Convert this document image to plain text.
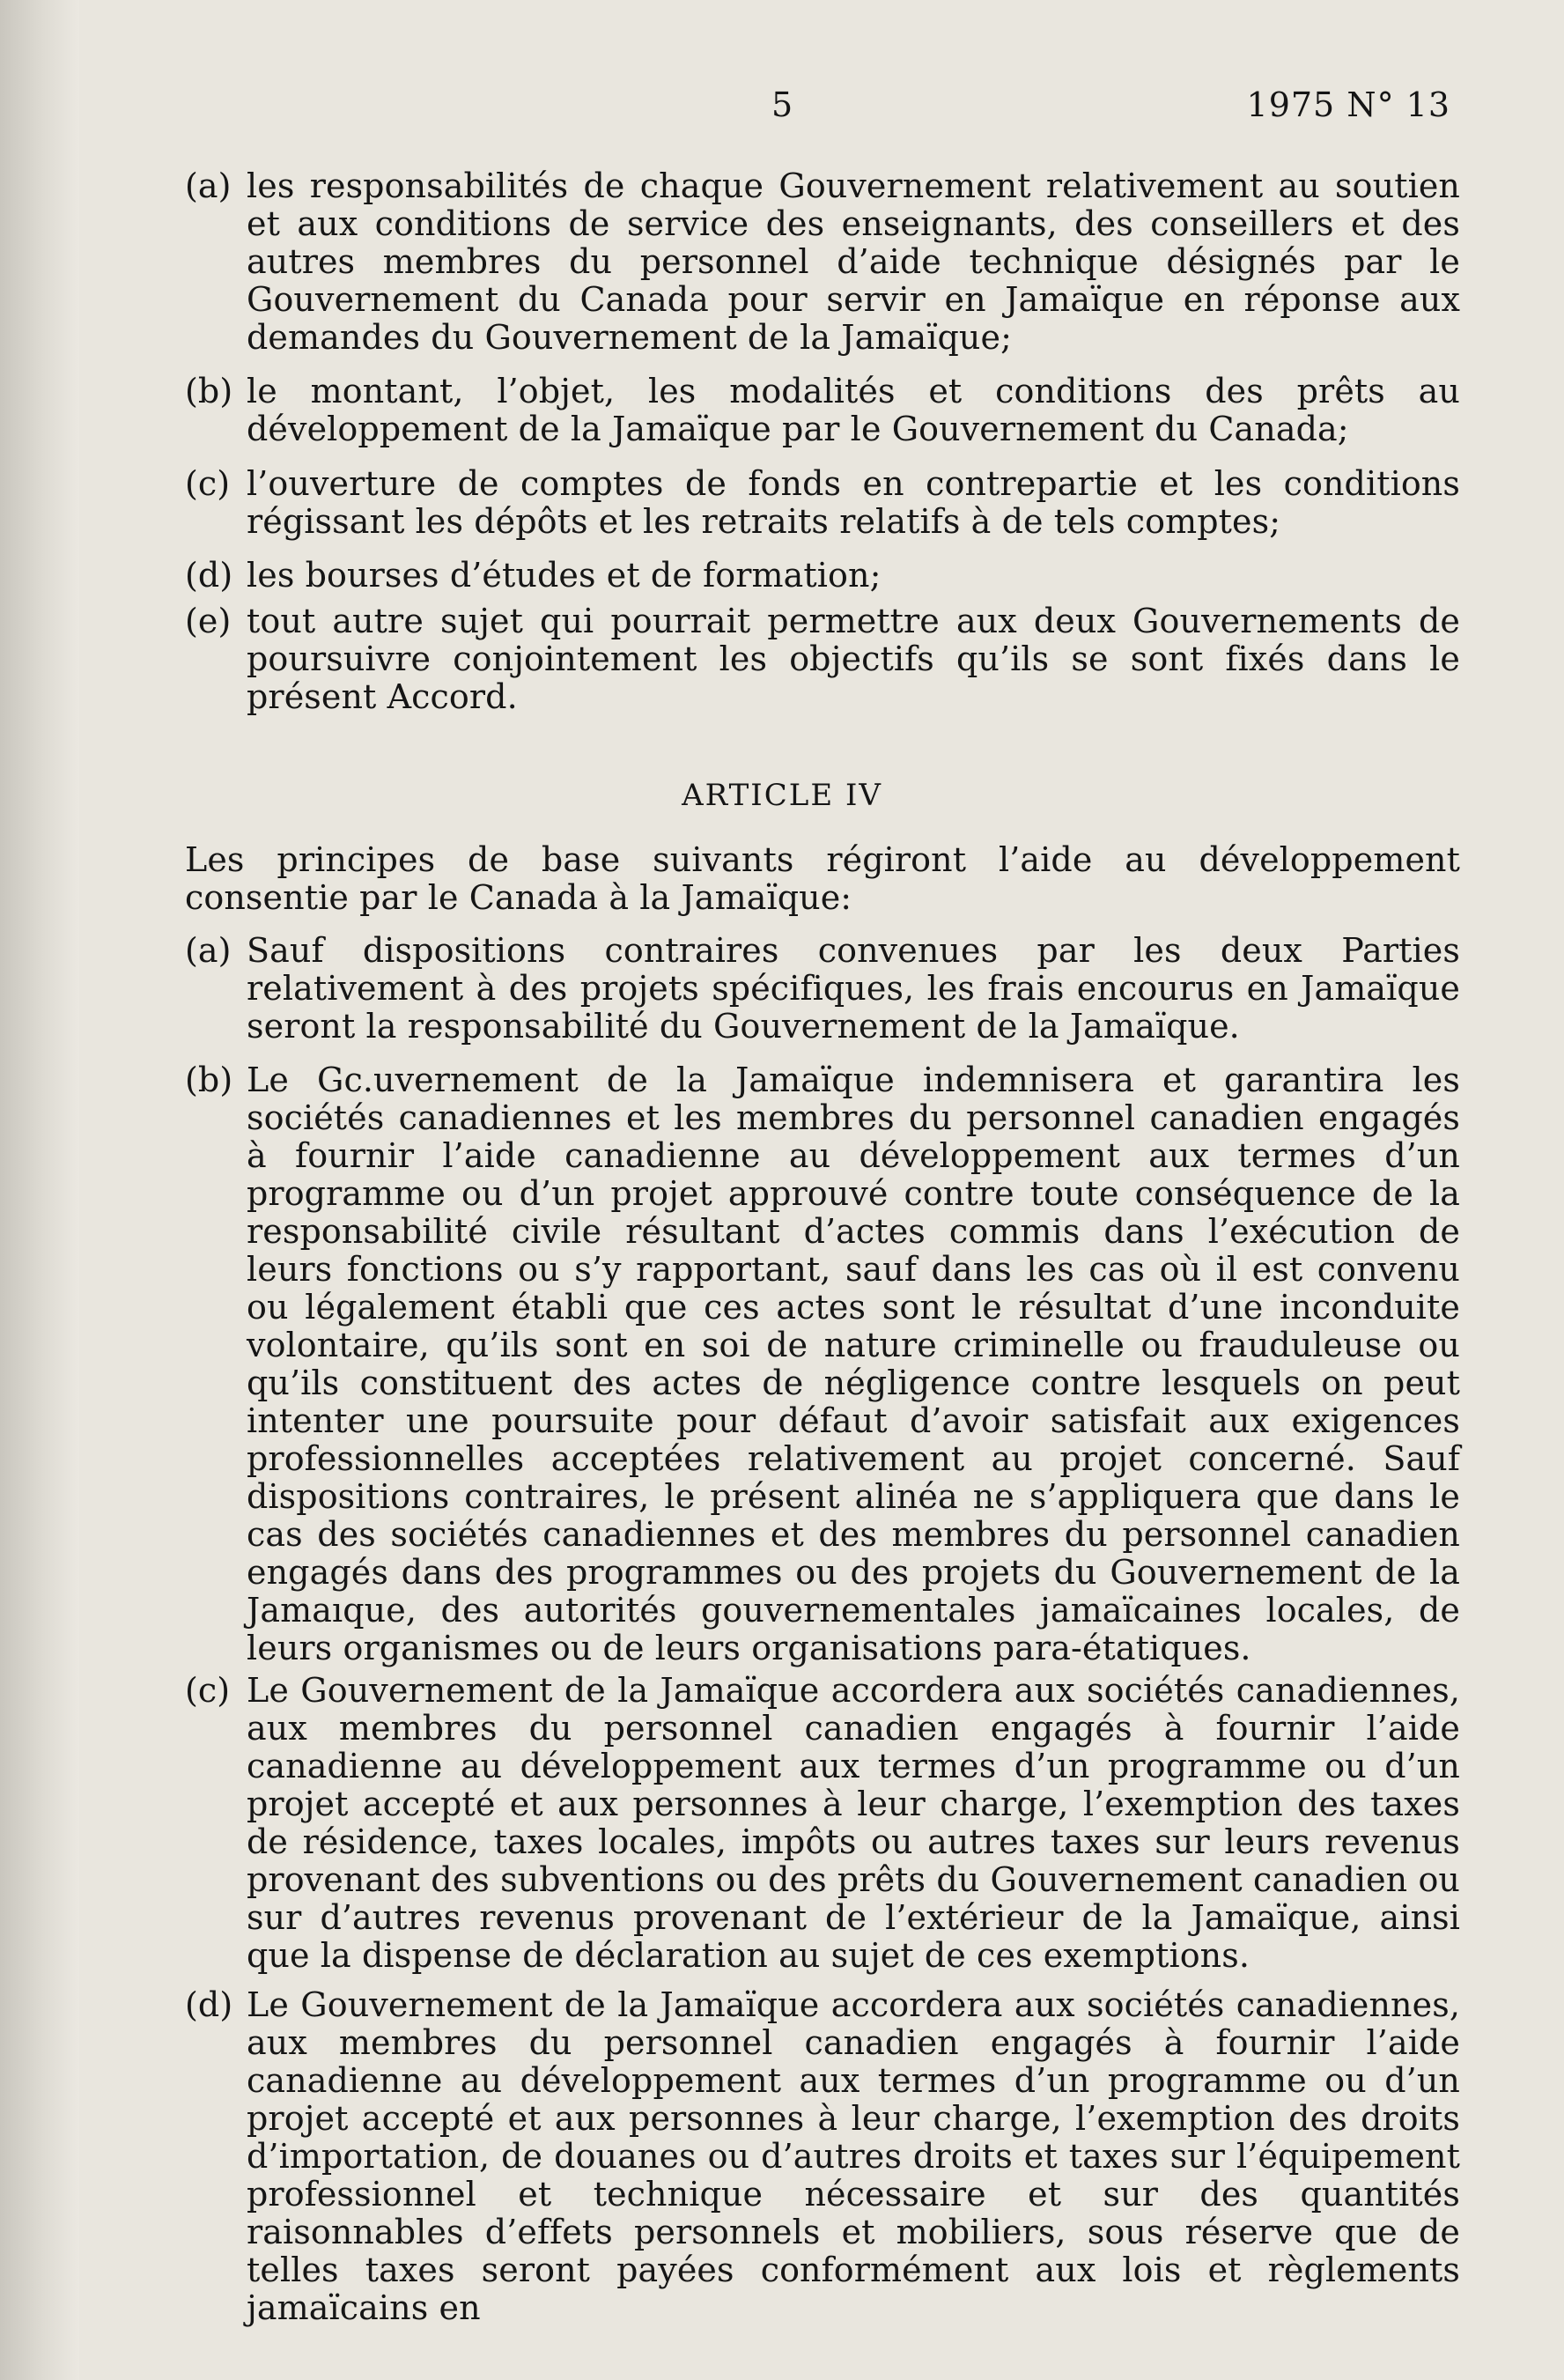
5	1975 N° 13
(a) les responsabilités de chaque Gouvernement relativement au soutien et aux conditions de service des enseignants, des conseillers et des autres membres du personnel d’aide technique désignés par le Gouvernement du Canada pour servir en Jamaïque en réponse aux demandes du Gouvernement de la Jamaïque;
(b) le montant, l’objet, les modalités et conditions des prêts au développement de la Jamaïque par le Gouvernement du Canada;
(c) l’ouverture de comptes de fonds en contrepartie et les conditions régissant les dépôts et les retraits relatifs à de tels comptes;
(d) les bourses d’études et de formation;
(e) tout autre sujet qui pourrait permettre aux deux Gouvernements de poursuivre conjointement les objectifs qu’ils se sont fixés dans le présent Accord.
ARTICLE IV
Les principes de base suivants régiront l’aide au développement consentie par le Canada à la Jamaïque:
(a) Sauf dispositions contraires convenues par les deux Parties relativement à des projets spécifiques, les frais encourus en Jamaïque seront la responsabilité du Gouvernement de la Jamaïque.
(b) Le Gc.uvernement de la Jamaïque indemnisera et garantira les sociétés canadiennes et les membres du personnel canadien engagés à fournir l’aide canadienne au développement aux termes d’un programme ou d’un projet approuvé contre toute conséquence de la responsabilité civile résultant d’actes commis dans l’exécution de leurs fonctions ou s’y rapportant, sauf dans les cas où il est convenu ou légalement établi que ces actes sont le résultat d’une inconduite volontaire, qu’ils sont en soi de nature criminelle ou frauduleuse ou qu’ils constituent des actes de négligence contre lesquels on peut intenter une poursuite pour défaut d’avoir satisfait aux exigences professionnelles acceptées relativement au projet concerné. Sauf dispositions contraires, le présent alinéa ne s’appliquera que dans le cas des sociétés canadiennes et des membres du personnel canadien engagés dans des programmes ou des projets du Gouvernement de la Jamaıque, des autorités gouvernementales jamaïcaines locales, de leurs organismes ou de leurs organisations para-étatiques.
(c) Le Gouvernement de la Jamaïque accordera aux sociétés canadiennes, aux membres du personnel canadien engagés à fournir l’aide canadienne au développement aux termes d’un programme ou d’un projet accepté et aux personnes à leur charge, l’exemption des taxes de résidence, taxes locales, impôts ou autres taxes sur leurs revenus provenant des subventions ou des prêts du Gouvernement canadien ou sur d’autres revenus provenant de l’extérieur de la Jamaïque, ainsi que la dispense de déclaration au sujet de ces exemptions.
(d) Le Gouvernement de la Jamaïque accordera aux sociétés canadiennes, aux membres du personnel canadien engagés à fournir l’aide canadienne au développement aux termes d’un programme ou d’un projet accepté et aux personnes à leur charge, l’exemption des droits d’importation, de douanes ou d’autres droits et taxes sur l’équipement professionnel et technique nécessaire et sur des quantités raisonnables d’effets personnels et mobiliers, sous réserve que de telles taxes seront payées conformément aux lois et règlements jamaïcains en
